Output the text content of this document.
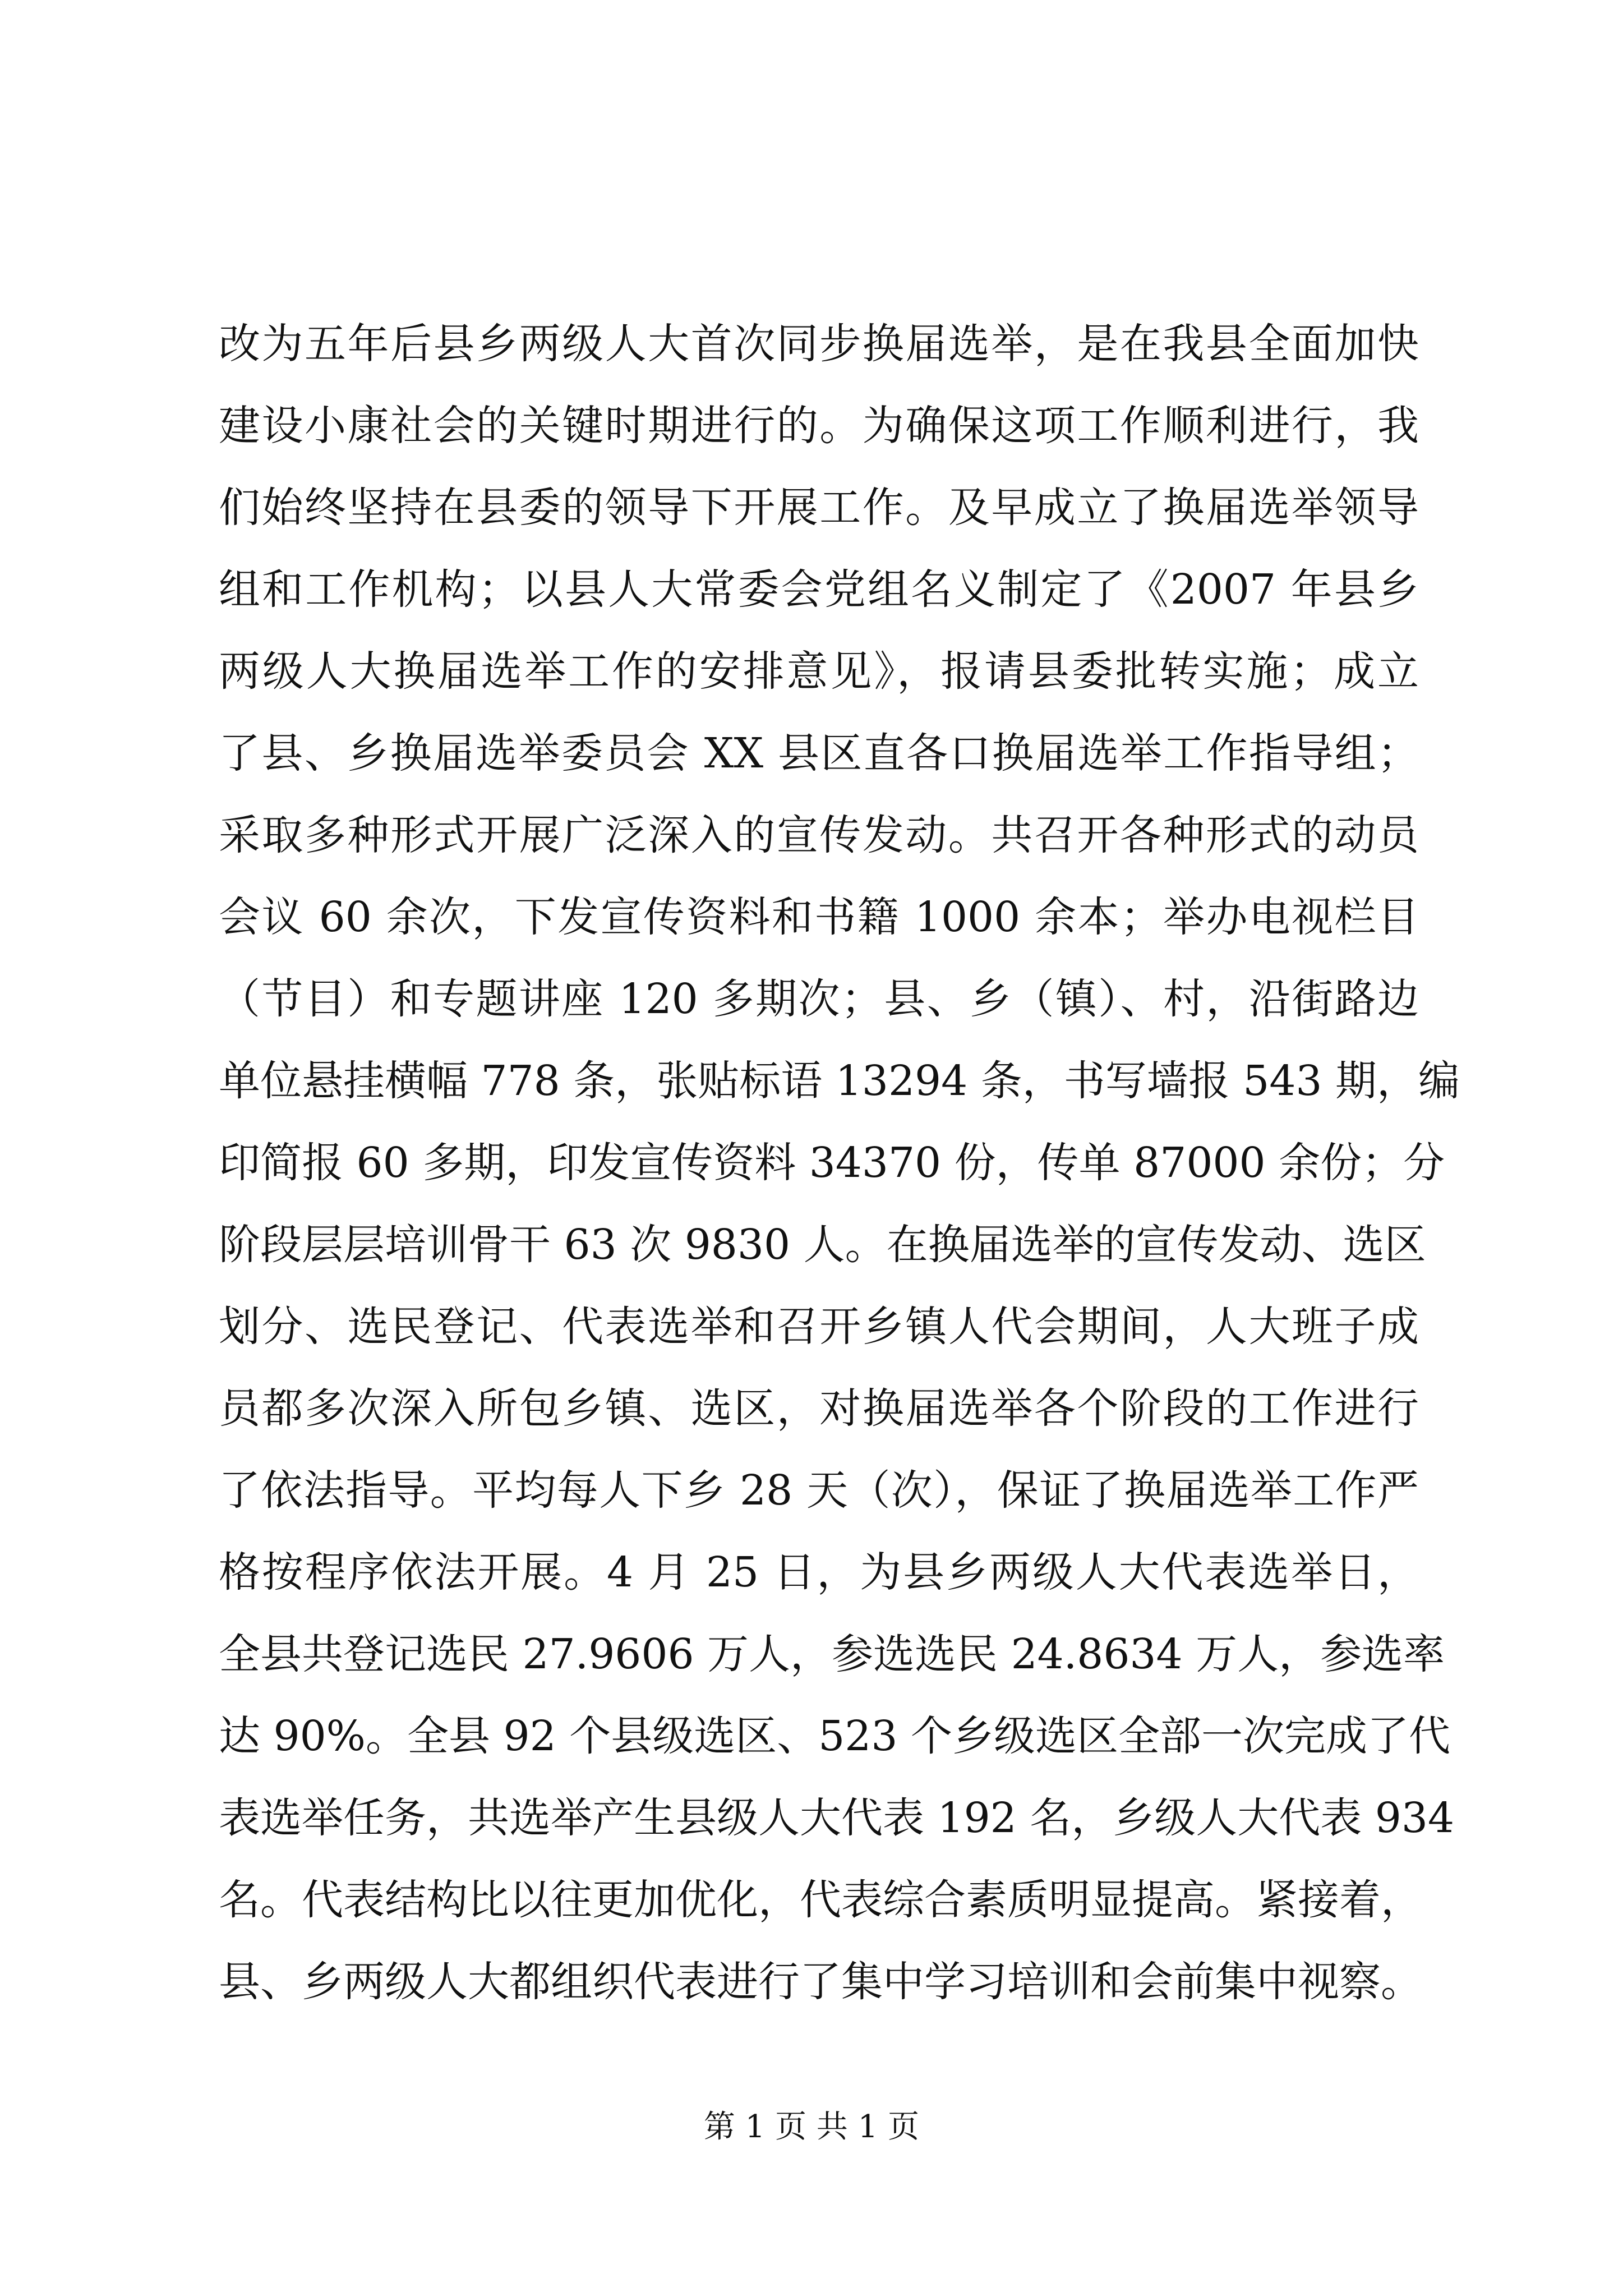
改为五年后县乡两级人大首次同步换届选举，是在我县全面加快
建设小康社会的关键时期进行的。为确保这项工作顺利进行，我
们始终坚持在县委的领导下开展工作。及早成立了换届选举领导
组和工作机构；以县人大常委会党组名义制定了《2007 年县乡
两级人大换届选举工作的安排意见》，报请县委批转实施；成立
了县、乡换届选举委员会 XX 县区直各口换届选举工作指导组；
采取多种形式开展广泛深入的宣传发动。共召开各种形式的动员
会议 60 余次，下发宣传资料和书籍 1000 余本；举办电视栏目
（节目）和专题讲座 120 多期次；县、乡（镇）、村，沿街路边
单位悬挂横幅 778 条，张贴标语 13294 条，书写墙报 543 期，编
印简报 60 多期，印发宣传资料 34370 份，传单 87000 余份；分
阶段层层培训骨干 63 次 9830 人。在换届选举的宣传发动、选区
划分、选民登记、代表选举和召开乡镇人代会期间，人大班子成
员都多次深入所包乡镇、选区，对换届选举各个阶段的工作进行
了依法指导。平均每人下乡 28 天（次），保证了换届选举工作严
格按程序依法开展。4 月 25 日，为县乡两级人大代表选举日，
全县共登记选民 27.9606 万人，参选选民 24.8634 万人，参选率
达 90%。全县 92 个县级选区、523 个乡级选区全部一次完成了代
表选举任务，共选举产生县级人大代表 192 名，乡级人大代表 934
名。代表结构比以往更加优化，代表综合素质明显提高。紧接着，
县、乡两级人大都组织代表进行了集中学习培训和会前集中视察。
第 1 页 共 1 页
